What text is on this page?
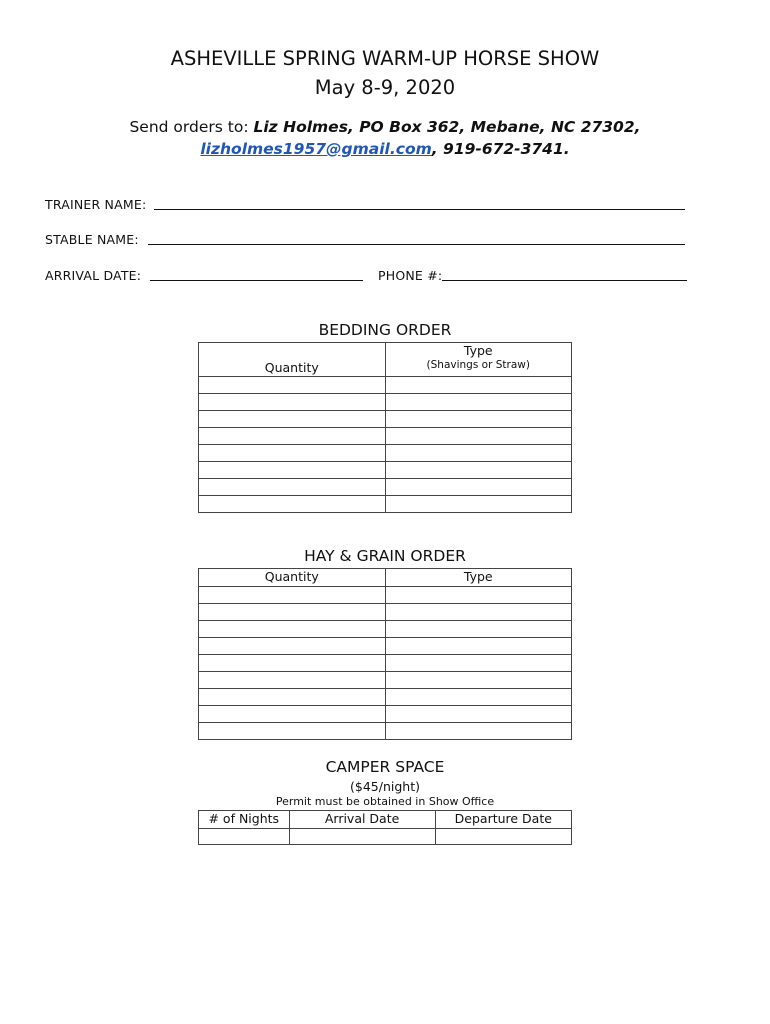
ASHEVILLE SPRING WARM-UP HORSE SHOW
May 8-9, 2020
Send orders to: Liz Holmes, PO Box 362, Mebane, NC 27302,
lizholmes1957@gmail.com, 919-672-3741.
TRAINER NAME:
STABLE NAME:
ARRIVAL DATE:	PHONE #:
BEDDING ORDER
Quantity	Type
(Shavings or Straw)

HAY & GRAIN ORDER
Quantity	Type

CAMPER SPACE
($45/night)
Permit must be obtained in Show Office
# of Nights	Arrival Date	Departure Date
